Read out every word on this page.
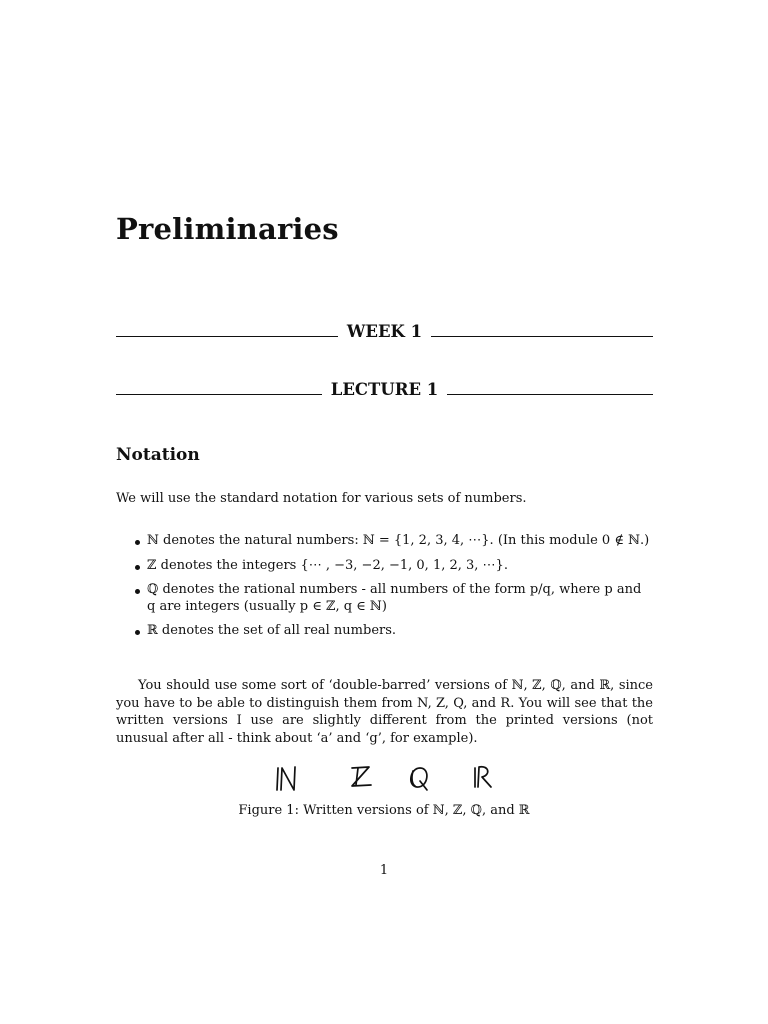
Preliminaries
WEEK 1
LECTURE 1
Notation
We will use the standard notation for various sets of numbers.
ℕ denotes the natural numbers: ℕ = {1, 2, 3, 4, ⋯}. (In this module 0 ∉ ℕ.)
ℤ denotes the integers {⋯ , −3, −2, −1, 0, 1, 2, 3, ⋯}.
ℚ denotes the rational numbers - all numbers of the form p/q, where p and q are integers (usually p ∈ ℤ, q ∈ ℕ)
ℝ denotes the set of all real numbers.
You should use some sort of ‘double-barred’ versions of ℕ, ℤ, ℚ, and ℝ, since you have to be able to distinguish them from N, Z, Q, and R. You will see that the written versions I use are slightly different from the printed versions (not unusual after all - think about ‘a’ and ‘g’, for example).
Figure 1: Written versions of ℕ, ℤ, ℚ, and ℝ
1
